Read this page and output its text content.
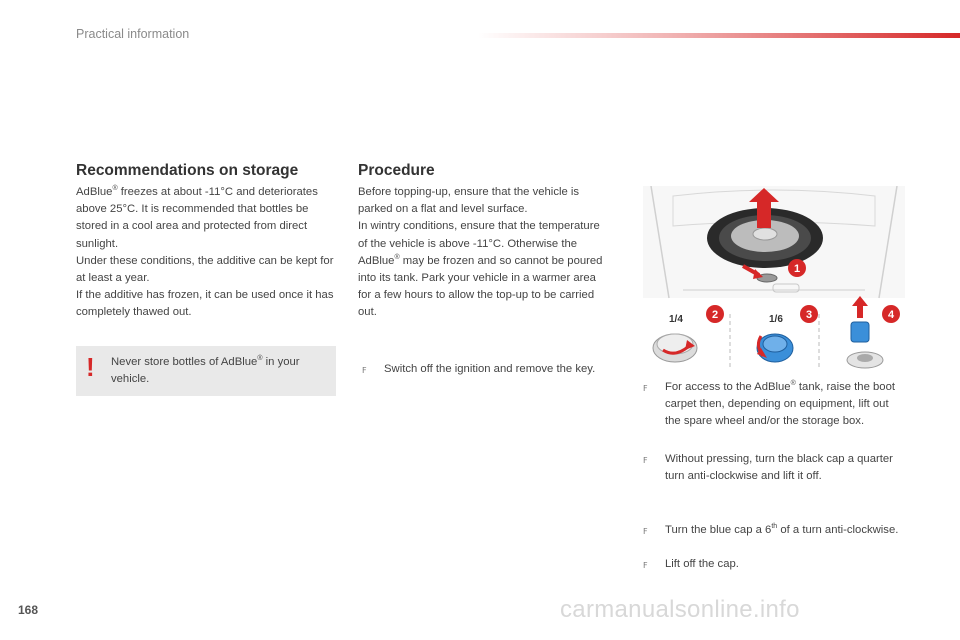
Practical information
Recommendations on storage

AdBlue® freezes at about -11°C and deteriorates above 25°C. It is recommended that bottles be stored in a cool area and protected from direct sunlight.

Under these conditions, the additive can be kept for at least a year.

If the additive has frozen, it can be used once it has completely thawed out.

! Never store bottles of AdBlue® in your vehicle.
Procedure

Before topping-up, ensure that the vehicle is parked on a flat and level surface.

In wintry conditions, ensure that the temperature of the vehicle is above -11°C. Otherwise the AdBlue® may be frozen and so cannot be poured into its tank. Park your vehicle in a warmer area for a few hours to allow the top-up to be carried out.

F	Switch off the ignition and remove the key.
1
1/4	2	1/6 3	4
F	For access to the AdBlue® tank, raise the boot carpet then, depending on equipment, lift out the spare wheel and/or the storage box.
F	Without pressing, turn the black cap a quarter turn anti-clockwise and lift it off.
F	Turn the blue cap a 6th of a turn anti-clockwise.
F	Lift off the cap.
168	carmanualsonline.info
